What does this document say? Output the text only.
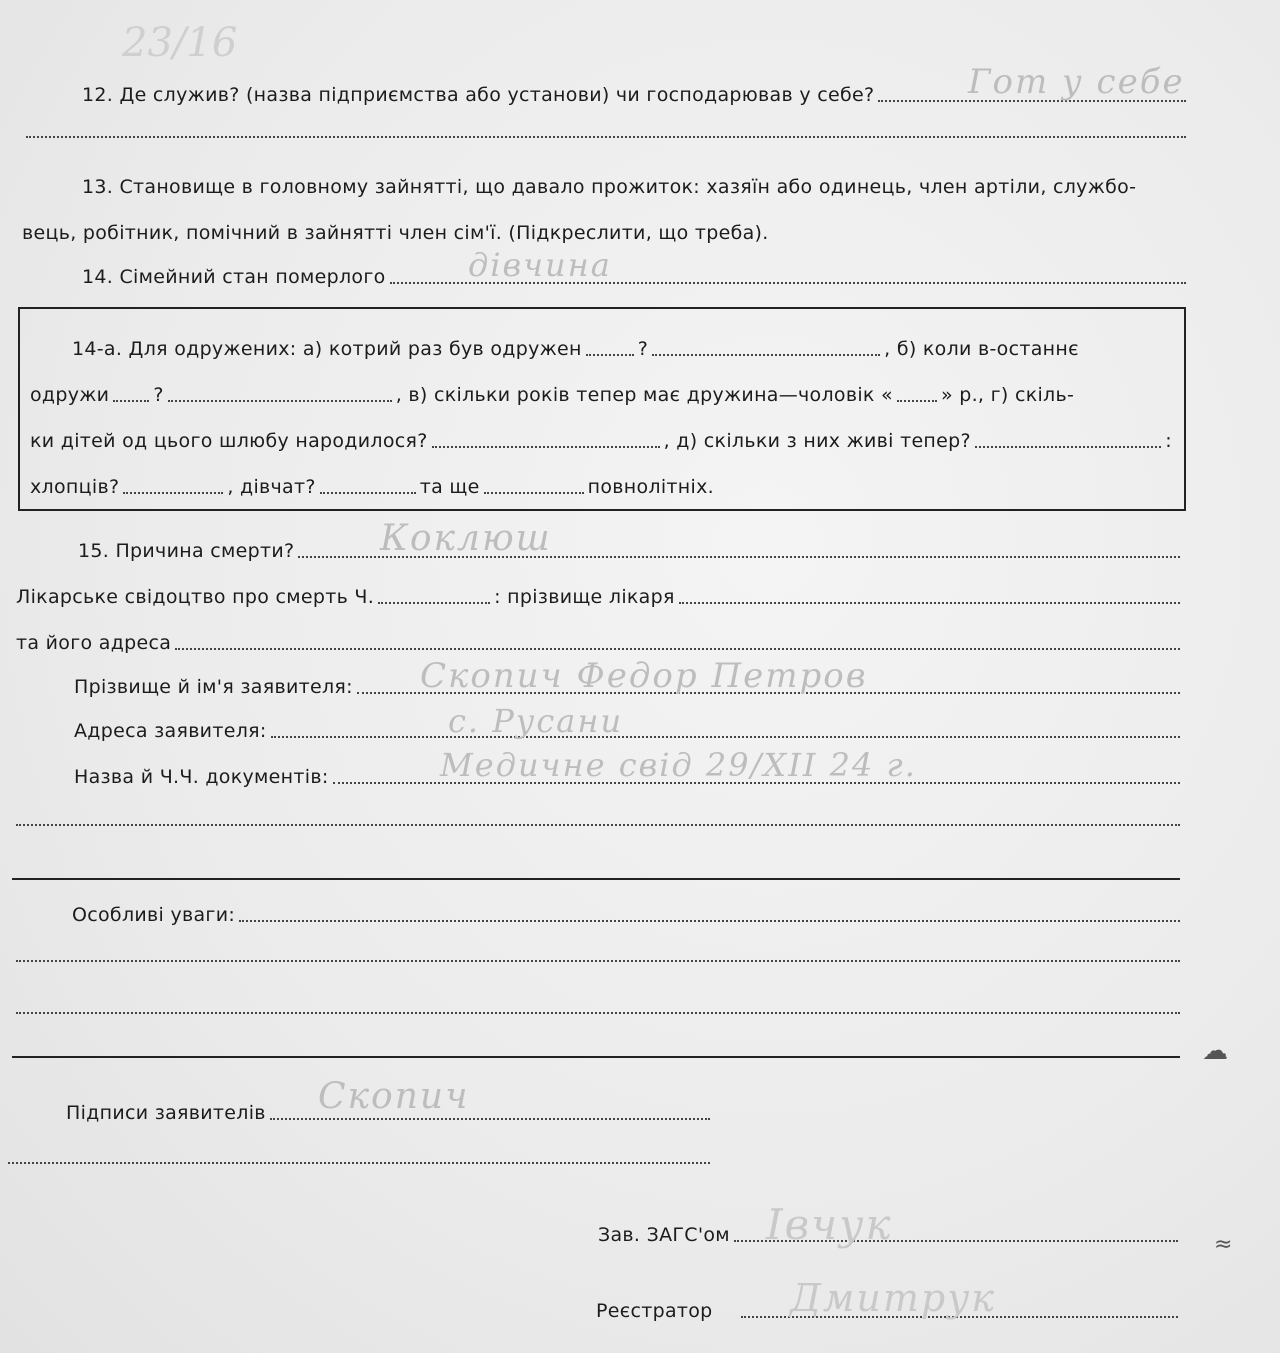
23/16
12. Де служив? (назва підприємства або установи) чи господарював у себе?	Гот у себе
13. Становище в головному зайнятті, що давало прожиток: хазяїн або одинець, член артіли, службо-
вець, робітник, помічний в зайнятті член сім'ї. (Підкреслити, що треба).
14. Сімейний стан померлого	дівчина
14-а. Для одружених: а) котрий раз був одружен	?	, б) коли в-останнє
одружи ?	, в) скільки років тепер має дружина—чоловік «	» р., г) скіль-
ки дітей од цього шлюбу народилося?	, д) скільки з них живі тепер?	:
хлопців?	, дівчат?	та ще	повнолітніх.
15. Причина смерти? Коклюш
Лікарське свідоцтво про смерть Ч.	: прізвище лікаря
та його адреса
Прізвище й ім'я заявителя: Скопич Федор Петров
Адреса заявителя:	с. Русани
Назва й Ч.Ч. документів:	Медичне свід 29/XII 24 г.
Особливі уваги:
Підписи заявителів Скопич
Зав. ЗАГС'ом Івчук
Реєстратор Дмитрук
☁
≈
